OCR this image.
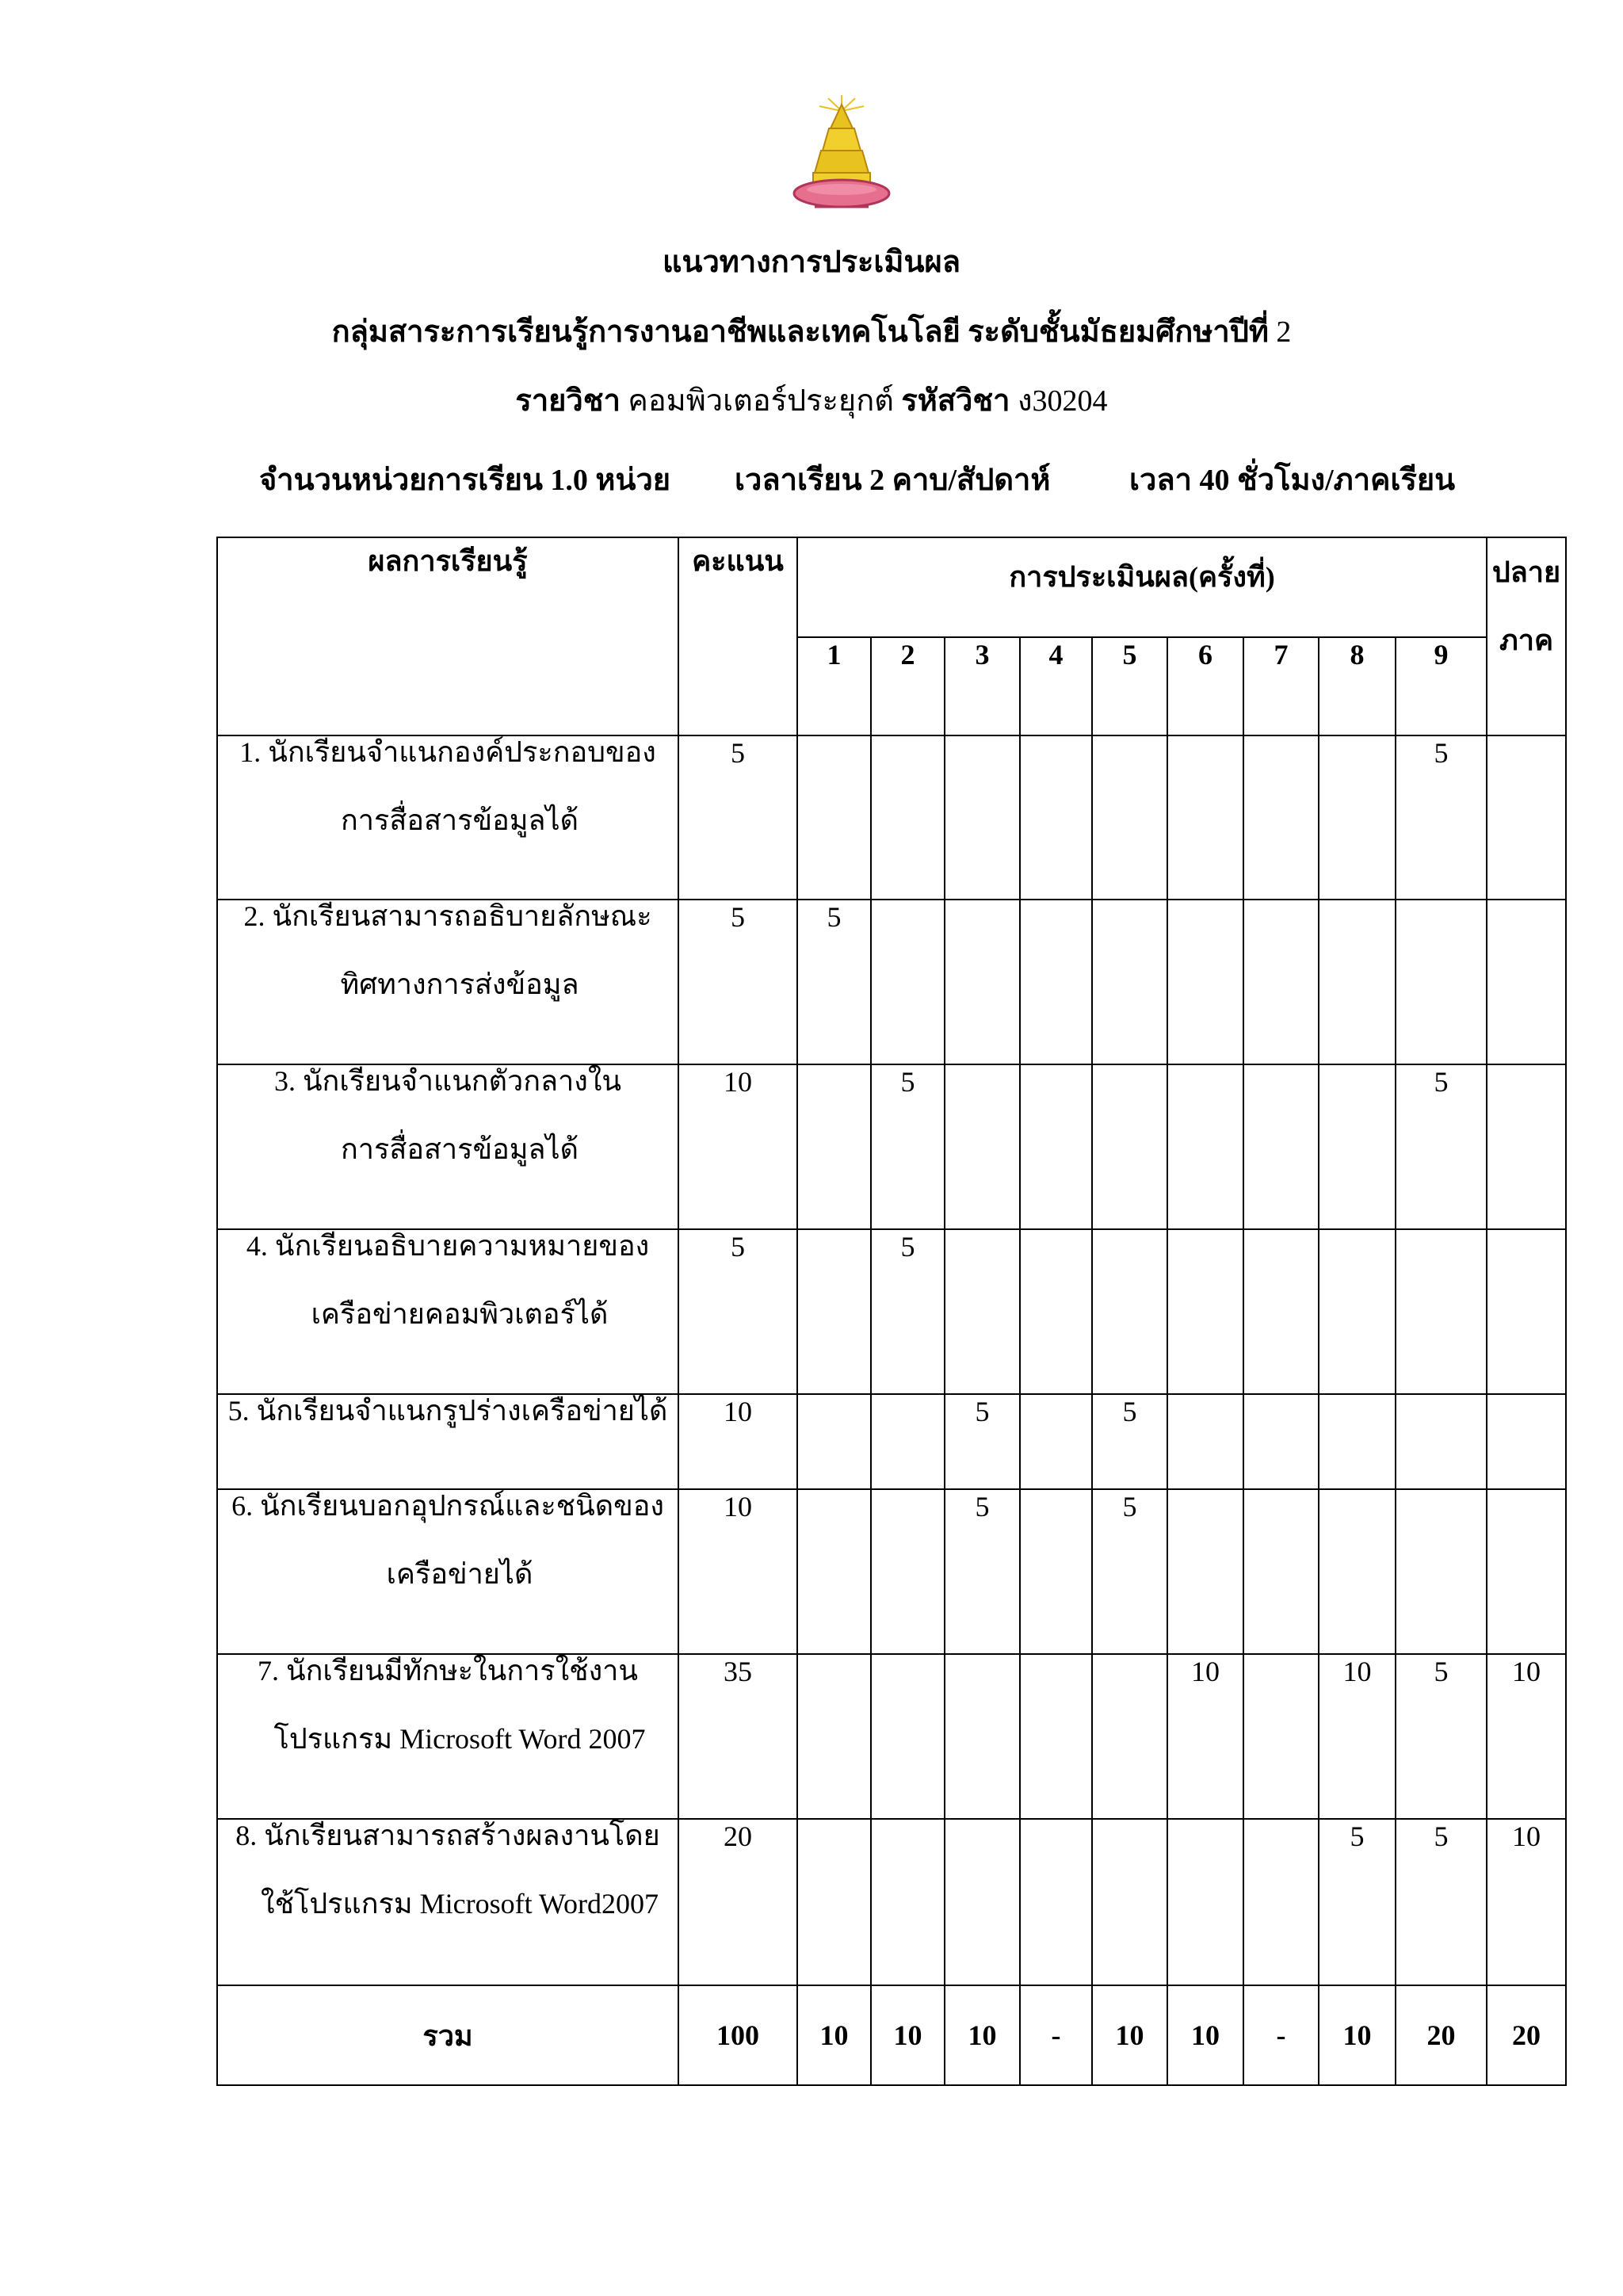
แนวทางการประเมินผล
กลุ่มสาระการเรียนรู้การงานอาชีพและเทคโนโลยี ระดับชั้นมัธยมศึกษาปีที่ 2
รายวิชา คอมพิวเตอร์ประยุกต์ รหัสวิชา ง30204
จำนวนหน่วยการเรียน 1.0 หน่วย เวลาเรียน 2 คาบ/สัปดาห์	เวลา 40 ชั่วโมง/ภาคเรียน
ผลการเรียนรู้	คะแนน	การประเมินผล(ครั้งที่)									ปลาย
ภาค
		1	2	3	4	5	6	7	8	9	

1. นักเรียนจำแนกองค์ประกอบของ
การสื่อสารข้อมูลได้	5									5	

2. นักเรียนสามารถอธิบายลักษณะ
ทิศทางการส่งข้อมูล	5	5									

3. นักเรียนจำแนกตัวกลางใน
การสื่อสารข้อมูลได้	10		5							5	

4. นักเรียนอธิบายความหมายของ
เครือข่ายคอมพิวเตอร์ได้	5		5								

5. นักเรียนจำแนกรูปร่างเครือข่ายได้	10			5		5					

6. นักเรียนบอกอุปกรณ์และชนิดของ
เครือข่ายได้	10			5		5					

7. นักเรียนมีทักษะในการใช้งาน
โปรแกรม Microsoft Word 2007	35						10		10	5	10

8. นักเรียนสามารถสร้างผลงานโดย
ใช้โปรแกรม Microsoft Word2007	20								5	5	10
รวม	100	10	10	10	-	10	10	-	10	20	20
